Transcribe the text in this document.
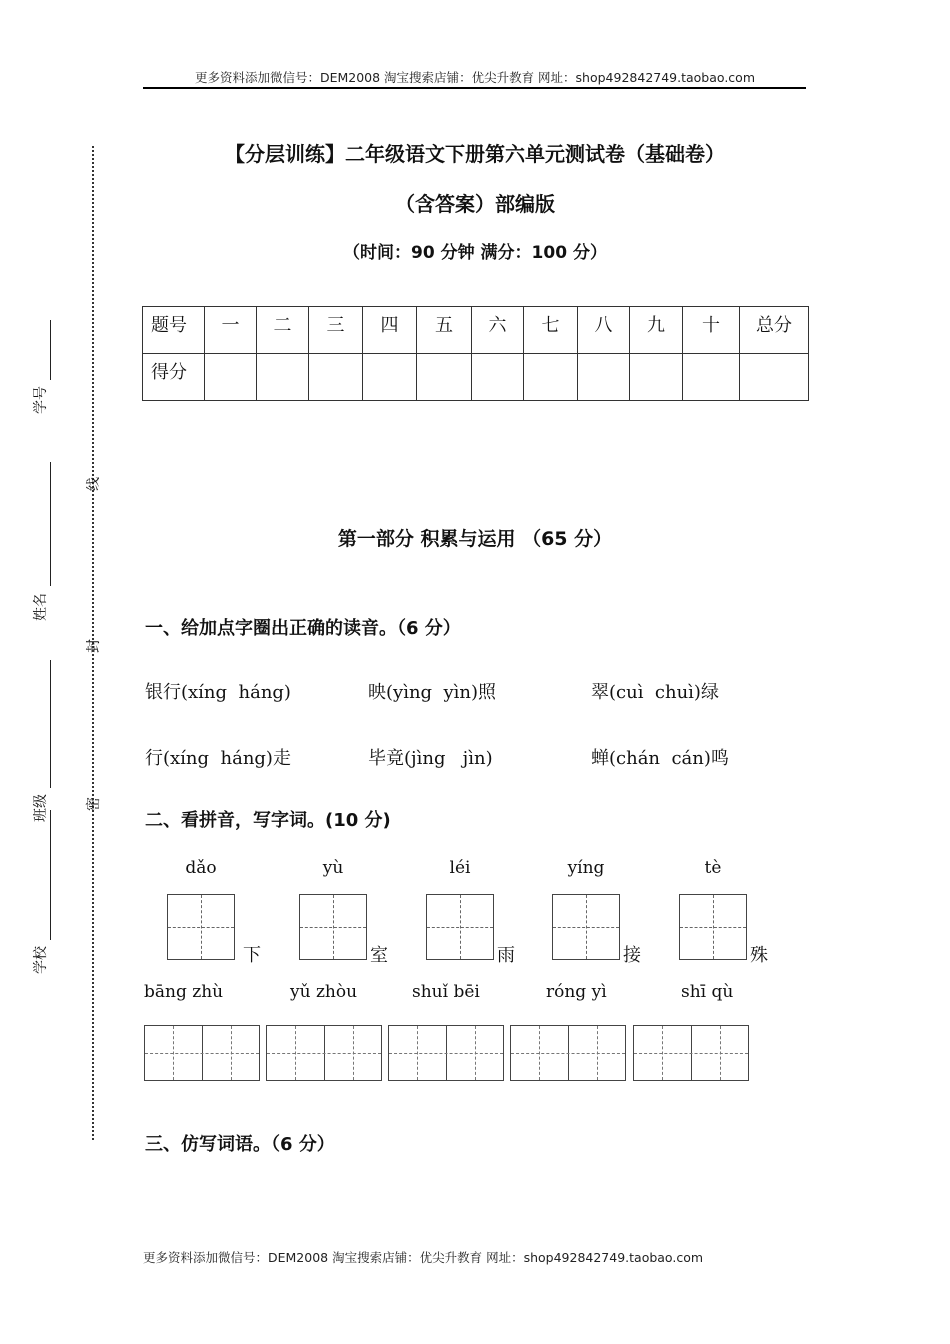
更多资料添加微信号：DEM2008 淘宝搜索店铺：优尖升教育 网址：shop492842749.taobao.com
更多资料添加微信号：DEM2008 淘宝搜索店铺：优尖升教育 网址：shop492842749.taobao.com
线
封
密
学号
姓名
班级
学校
【分层训练】二年级语文下册第六单元测试卷（基础卷）
（含答案）部编版
（时间：90 分钟 满分：100 分）
题号	一	二	三	四	五	六	七	八	九	十	总分
得分											
第一部分 积累与运用 （65 分）
一、给加点字圈出正确的读音。（6 分）
银行(xíng  háng)	映(yìng  yìn)照	翠(cuì  chuì)绿
行(xíng  háng)走	毕竟(jìng   jìn)	蝉(chán  cán)鸣
二、看拼音，写字词。(10 分)
dǎo
下
yù
室
léi
雨
yíng
接
tè
殊
bāng zhù	yǔ zhòu	shuǐ bēi	róng yì	shī qù
三、仿写词语。（6 分）
